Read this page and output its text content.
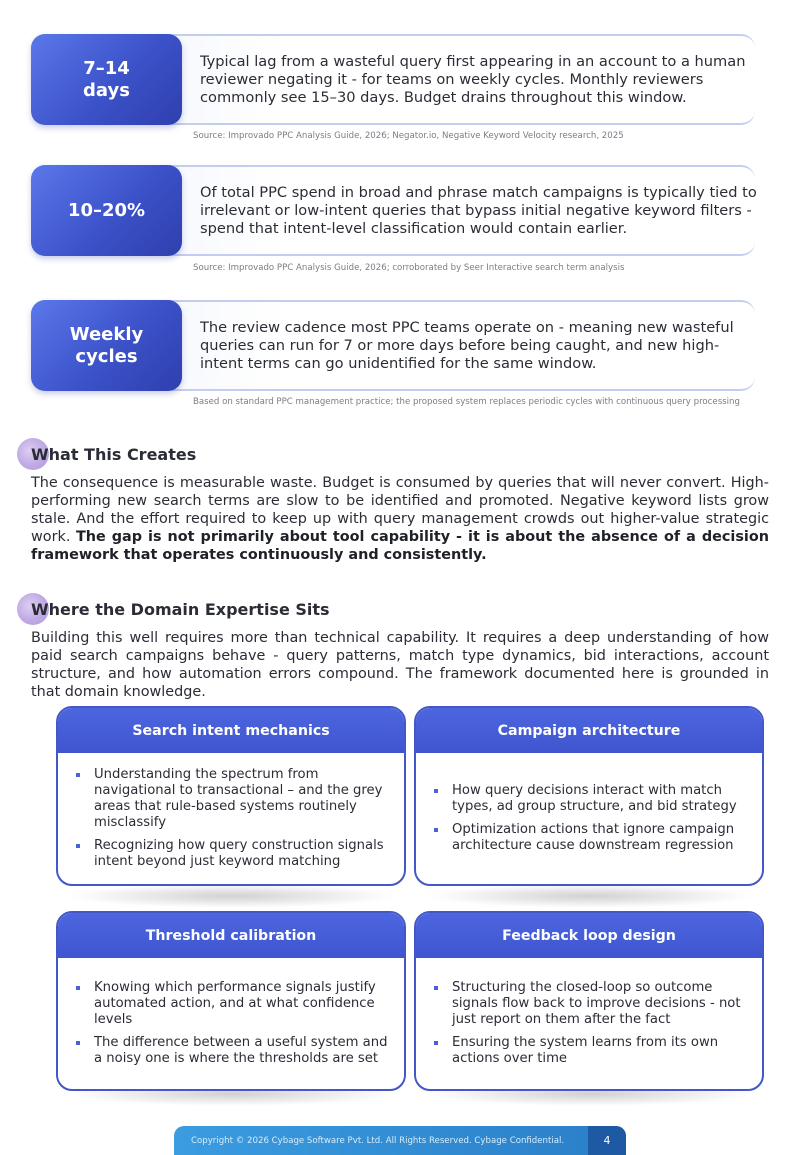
7–14
days
Typical lag from a wasteful query first appearing in an account to a human reviewer negating it - for teams on weekly cycles. Monthly reviewers commonly see 15–30 days. Budget drains throughout this window.
Source: Improvado PPC Analysis Guide, 2026; Negator.io, Negative Keyword Velocity research, 2025
10–20%
Of total PPC spend in broad and phrase match campaigns is typically tied to irrelevant or low-intent queries that bypass initial negative keyword filters - spend that intent-level classification would contain earlier.
Source: Improvado PPC Analysis Guide, 2026; corroborated by Seer Interactive search term analysis
Weekly
cycles
The review cadence most PPC teams operate on - meaning new wasteful queries can run for 7 or more days before being caught, and new high-intent terms can go unidentified for the same window.
Based on standard PPC management practice; the proposed system replaces periodic cycles with continuous query processing
What This Creates
The consequence is measurable waste. Budget is consumed by queries that will never convert. High-performing new search terms are slow to be identified and promoted. Negative keyword lists grow stale. And the effort required to keep up with query management crowds out higher-value strategic work. The gap is not primarily about tool capability - it is about the absence of a decision framework that operates continuously and consistently.
Where the Domain Expertise Sits
Building this well requires more than technical capability. It requires a deep understanding of how paid search campaigns behave - query patterns, match type dynamics, bid interactions, account structure, and how automation errors compound. The framework documented here is grounded in that domain knowledge.
Search intent mechanics
Understanding the spectrum from navigational to transactional – and the grey areas that rule-based systems routinely misclassify
Recognizing how query construction signals intent beyond just keyword matching
Campaign architecture
How query decisions interact with match types, ad group structure, and bid strategy
Optimization actions that ignore campaign architecture cause downstream regression
Threshold calibration
Knowing which performance signals justify automated action, and at what confidence levels
The difference between a useful system and a noisy one is where the thresholds are set
Feedback loop design
Structuring the closed-loop so outcome signals flow back to improve decisions - not just report on them after the fact
Ensuring the system learns from its own actions over time
Copyright © 2026 Cybage Software Pvt. Ltd. All Rights Reserved. Cybage Confidential.	4
